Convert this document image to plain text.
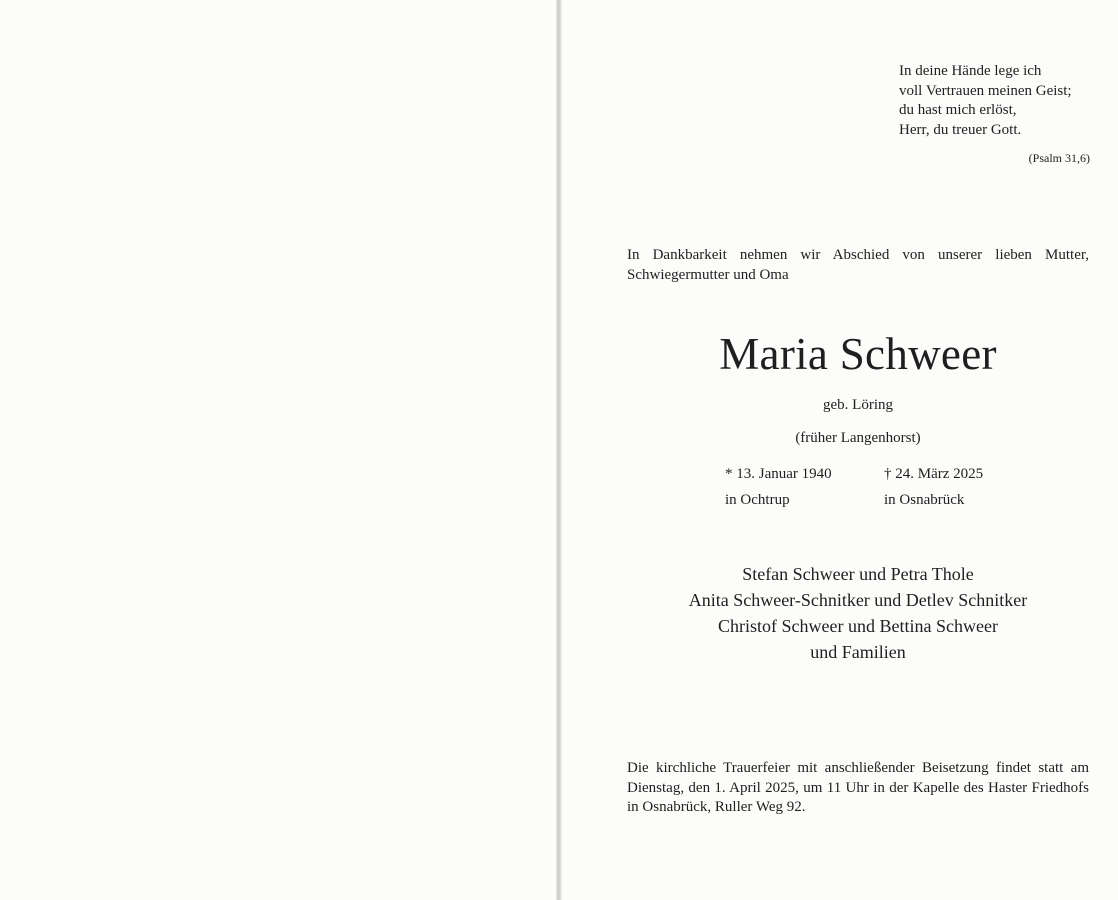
In deine Hände lege ich
voll Vertrauen meinen Geist;
du hast mich erlöst,
Herr, du treuer Gott.
(Psalm 31,6)
In Dankbarkeit nehmen wir Abschied von unserer lieben Mutter, Schwiegermutter und Oma
Maria Schweer
geb. Löring
(früher Langenhorst)
* 13. Januar 1940
in Ochtrup
† 24. März 2025
in Osnabrück
Stefan Schweer und Petra Thole
Anita Schweer-Schnitker und Detlev Schnitker
Christof Schweer und Bettina Schweer
und Familien
Die kirchliche Trauerfeier mit anschließender Beisetzung findet statt am Dienstag, den 1. April 2025, um 11 Uhr in der Kapelle des Haster Friedhofs in Osnabrück, Ruller Weg 92.
